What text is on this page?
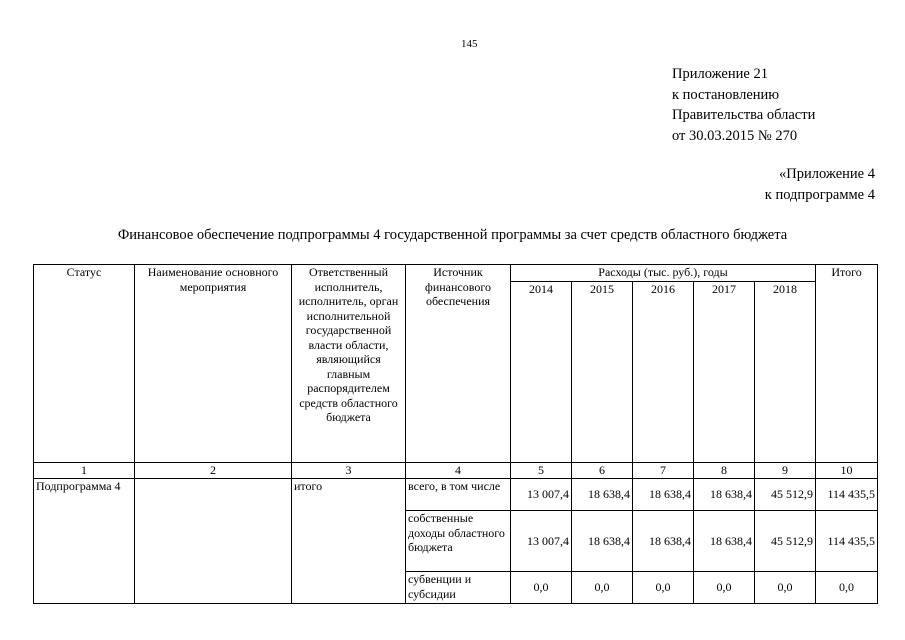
145
Приложение 21
к постановлению
Правительства области
от 30.03.2015 № 270
«Приложение 4
к подпрограмме 4
Финансовое обеспечение подпрограммы 4 государственной программы за счет средств областного бюджета
Статус	Наименование основного мероприятия	Ответственный исполнитель, исполнитель, орган исполнительной государственной власти области, являющийся главным распорядителем средств областного бюджета	Источник финансового обеспечения	Расходы (тыс. руб.), годы					Итого
				2014	2015	2016	2017	2018	
1	2	3	4	5	6	7	8	9	10
Подпрограмма 4		итого	всего, в том числе	13 007,4	18 638,4	18 638,4	18 638,4	45 512,9	114 435,5
			собственные доходы областного бюджета	13 007,4	18 638,4	18 638,4	18 638,4	45 512,9	114 435,5
			субвенции и субсидии	0,0	0,0	0,0	0,0	0,0	0,0
